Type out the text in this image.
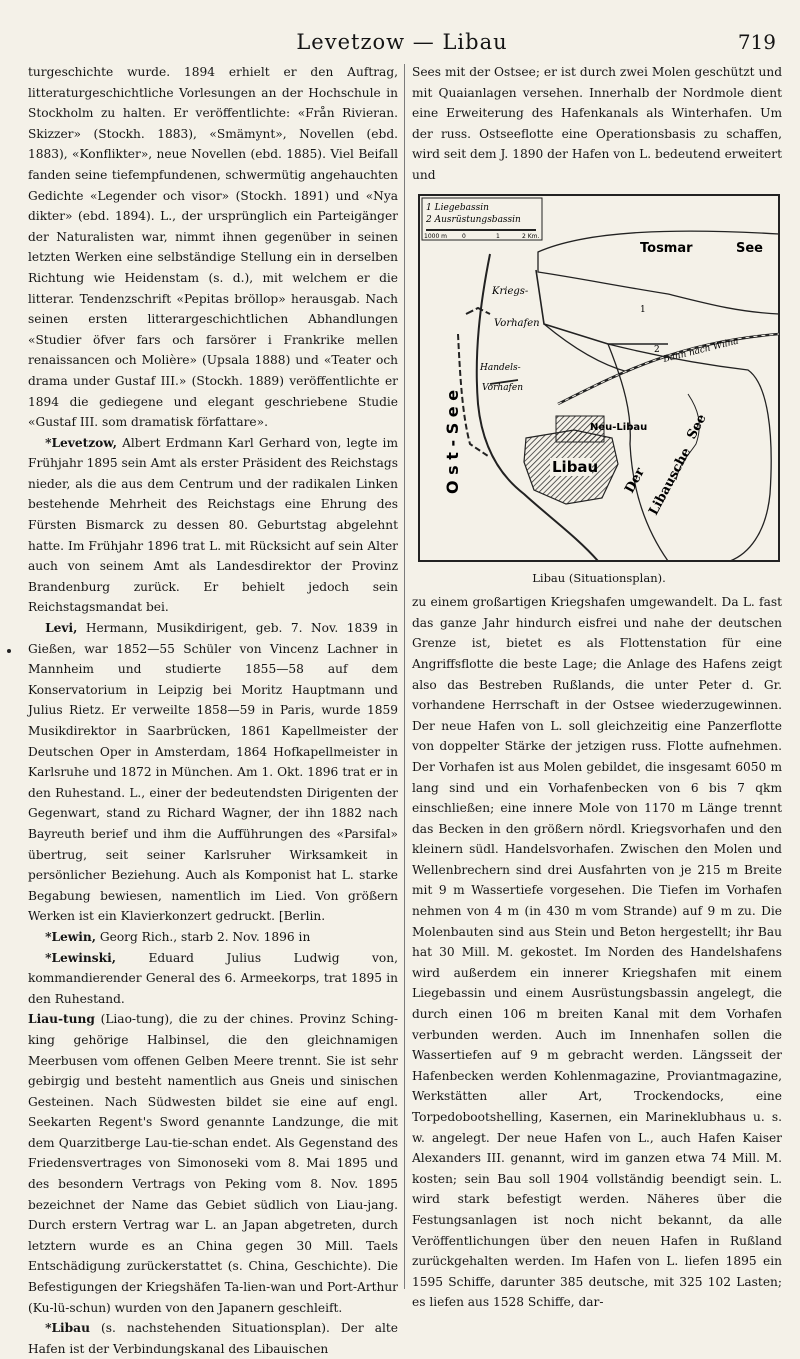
Levetzow — Libau	719

turgeschichte wurde. 1894 erhielt er den Auftrag, litteraturgeschichtliche Vorlesungen an der Hochschule in Stockholm zu halten. Er veröffentlichte: «Från Rivieran. Skizzer» (Stockh. 1883), «Smämynt», Novellen (ebd. 1883), «Konflikter», neue Novellen (ebd. 1885). Viel Beifall fanden seine tiefempfundenen, schwermütig angehauchten Gedichte «Legender och visor» (Stockh. 1891) und «Nya dikter» (ebd. 1894). L., der ursprünglich ein Parteigänger der Naturalisten war, nimmt ihnen gegenüber in seinen letzten Werken eine selbständige Stellung ein in derselben Richtung wie Heidenstam (s. d.), mit welchem er die litterar. Tendenzschrift «Pepitas bröllop» herausgab. Nach seinen ersten litterargeschichtlichen Abhandlungen «Studier öfver fars och farsörer i Frankrike mellen renaissancen och Molière» (Upsala 1888) und «Teater och drama under Gustaf III.» (Stockh. 1889) veröffentlichte er 1894 die gediegene und elegant geschriebene Studie «Gustaf III. som dramatisk författare».

*Levetzow, Albert Erdmann Karl Gerhard von, legte im Frühjahr 1895 sein Amt als erster Präsident des Reichstags nieder, als die aus dem Centrum und der radikalen Linken bestehende Mehrheit des Reichstags eine Ehrung des Fürsten Bismarck zu dessen 80. Geburtstag abgelehnt hatte. Im Frühjahr 1896 trat L. mit Rücksicht auf sein Alter auch von seinem Amt als Landesdirektor der Provinz Brandenburg zurück. Er behielt jedoch sein Reichstagsmandat bei.

Levi, Hermann, Musikdirigent, geb. 7. Nov. 1839 in Gießen, war 1852—55 Schüler von Vincenz Lachner in Mannheim und studierte 1855—58 auf dem Konservatorium in Leipzig bei Moritz Hauptmann und Julius Rietz. Er verweilte 1858—59 in Paris, wurde 1859 Musikdirektor in Saarbrücken, 1861 Kapellmeister der Deutschen Oper in Amsterdam, 1864 Hofkapellmeister in Karlsruhe und 1872 in München. Am 1. Okt. 1896 trat er in den Ruhestand. L., einer der bedeutendsten Dirigenten der Gegenwart, stand zu Richard Wagner, der ihn 1882 nach Bayreuth berief und ihm die Aufführungen des «Parsifal» übertrug, seit seiner Karlsruher Wirksamkeit in persönlicher Beziehung. Auch als Komponist hat L. starke Begabung bewiesen, namentlich im Lied. Von größern Werken ist ein Klavierkonzert gedruckt. [Berlin.

*Lewin, Georg Rich., starb 2. Nov. 1896 in

*Lewinski, Eduard Julius Ludwig von, kommandierender General des 6. Armeekorps, trat 1895 in den Ruhestand.

Liau-tung (Liao-tung), die zu der chines. Provinz Sching-king gehörige Halbinsel, die den gleichnamigen Meerbusen vom offenen Gelben Meere trennt. Sie ist sehr gebirgig und besteht namentlich aus Gneis und sinischen Gesteinen. Nach Südwesten bildet sie eine auf engl. Seekarten Regent's Sword genannte Landzunge, die mit dem Quarzitberge Lau-tie-schan endet. Als Gegenstand des Friedensvertrages von Simonoseki vom 8. Mai 1895 und des besondern Vertrags von Peking vom 8. Nov. 1895 bezeichnet der Name das Gebiet südlich von Liau-jang. Durch erstern Vertrag war L. an Japan abgetreten, durch letztern wurde es an China gegen 30 Mill. Taels Entschädigung zurückerstattet (s. China, Geschichte). Die Befestigungen der Kriegshäfen Ta-lien-wan und Port-Arthur (Ku-lü-schun) wurden von den Japanern geschleift.

*Libau (s. nachstehenden Situationsplan). Der alte Hafen ist der Verbindungskanal des Libauischen

Sees mit der Ostsee; er ist durch zwei Molen geschützt und mit Quaianlagen versehen. Innerhalb der Nordmole dient eine Erweiterung des Hafenkanals als Winterhafen. Um der russ. Ostseeflotte eine Operationsbasis zu schaffen, wird seit dem J. 1890 der Hafen von L. bedeutend erweitert und

1 Liegebassin
2 Ausrüstungsbassin
1000 m 0	1	2 Km.
Tosmar	See
Kriegs-
Vorhafen
Handels-
Vorhafen
1
2 Bahn nach Wilna
Neu-Libau
Libau
O s t - S e e	Der
Libausche
See
Libau (Situationsplan).

zu einem großartigen Kriegshafen umgewandelt. Da L. fast das ganze Jahr hindurch eisfrei und nahe der deutschen Grenze ist, bietet es als Flottenstation für eine Angriffsflotte die beste Lage; die Anlage des Hafens zeigt also das Bestreben Rußlands, die unter Peter d. Gr. vorhandene Herrschaft in der Ostsee wiederzugewinnen. Der neue Hafen von L. soll gleichzeitig eine Panzerflotte von doppelter Stärke der jetzigen russ. Flotte aufnehmen. Der Vorhafen ist aus Molen gebildet, die insgesamt 6050 m lang sind und ein Vorhafenbecken von 6 bis 7 qkm einschließen; eine innere Mole von 1170 m Länge trennt das Becken in den größern nördl. Kriegsvorhafen und den kleinern südl. Handelsvorhafen. Zwischen den Molen und Wellenbrechern sind drei Ausfahrten von je 215 m Breite mit 9 m Wassertiefe vorgesehen. Die Tiefen im Vorhafen nehmen von 4 m (in 430 m vom Strande) auf 9 m zu. Die Molenbauten sind aus Stein und Beton hergestellt; ihr Bau hat 30 Mill. M. gekostet. Im Norden des Handelshafens wird außerdem ein innerer Kriegshafen mit einem Liegebassin und einem Ausrüstungsbassin angelegt, die durch einen 106 m breiten Kanal mit dem Vorhafen verbunden werden. Auch im Innenhafen sollen die Wassertiefen auf 9 m gebracht werden. Längsseit der Hafenbecken werden Kohlenmagazine, Proviantmagazine, Werkstätten aller Art, Trockendocks, eine Torpedobootshelling, Kasernen, ein Marineklubhaus u. s. w. angelegt. Der neue Hafen von L., auch Hafen Kaiser Alexanders III. genannt, wird im ganzen etwa 74 Mill. M. kosten; sein Bau soll 1904 vollständig beendigt sein. L. wird stark befestigt werden. Näheres über die Festungsanlagen ist noch nicht bekannt, da alle Veröffentlichungen über den neuen Hafen in Rußland zurückgehalten werden. Im Hafen von L. liefen 1895 ein 1595 Schiffe, darunter 385 deutsche, mit 325 102 Lasten; es liefen aus 1528 Schiffe, dar-
